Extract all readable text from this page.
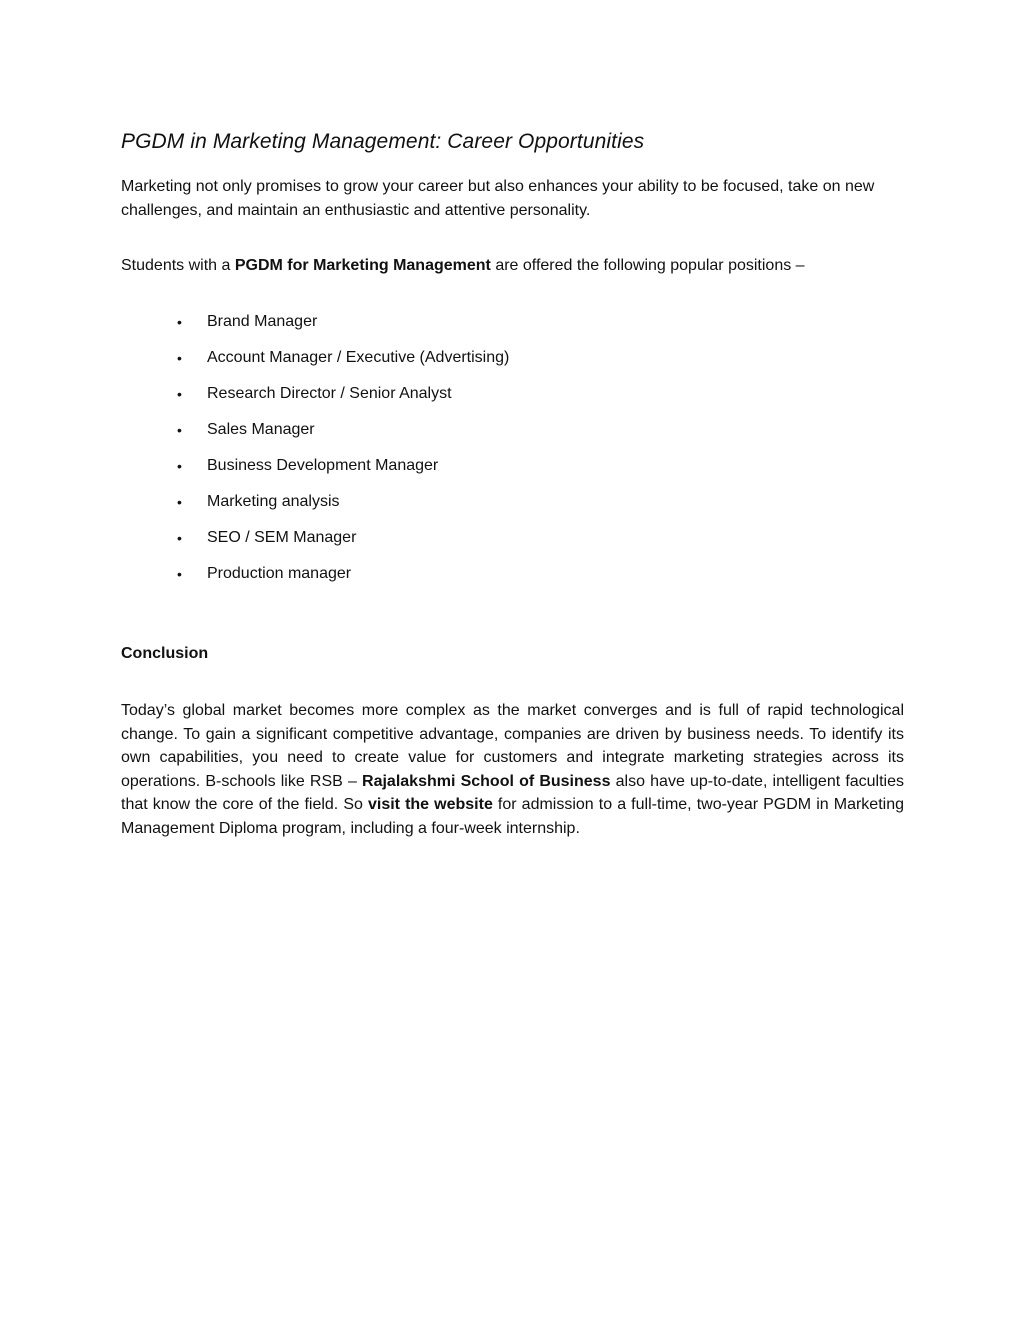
PGDM in Marketing Management: Career Opportunities

Marketing not only promises to grow your career but also enhances your ability to be focused, take on new challenges, and maintain an enthusiastic and attentive personality.

Students with a PGDM for Marketing Management are offered the following popular positions –

• Brand Manager
• Account Manager / Executive (Advertising)
• Research Director / Senior Analyst
• Sales Manager
• Business Development Manager
• Marketing analysis
• SEO / SEM Manager
• Production manager
Conclusion

Today’s global market becomes more complex as the market converges and is full of rapid technological change. To gain a significant competitive advantage, companies are driven by business needs. To identify its own capabilities, you need to create value for customers and integrate marketing strategies across its operations. B-schools like RSB – Rajalakshmi School of Business also have up-to-date, intelligent faculties that know the core of the field. So visit the website for admission to a full-time, two-year PGDM in Marketing Management Diploma program, including a four-week internship.
